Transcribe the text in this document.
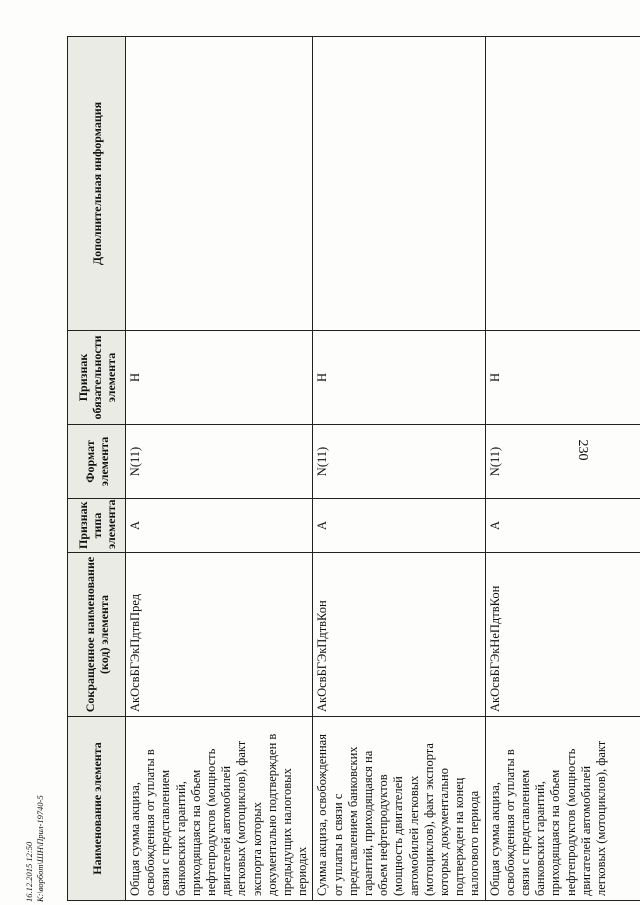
230
16.12.2015 12:50 К:\ворбот\ШН\Прил-19740-5	Наименование элемента	Сокращенное наименование (код) элемента	Признак типа элемента	Формат элемента	Признак обязательности элемента	Дополнительная информация

Общая сумма акциза, освобожденная от уплаты в связи с представлением банковских гарантий, приходящаяся на объем нефтепродуктов (мощность двигателей автомобилей легковых (мотоциклов), факт экспорта которых документально подтвержден в предыдущих налоговых периодах	АкОсвБГЭкПдтвПред	А	N(11)	Н	

Сумма акциза, освобожденная от уплаты в связи с представлением банковских гарантий, приходящаяся на объем нефтепродуктов (мощность двигателей автомобилей легковых (мотоциклов), факт экспорта которых документально подтвержден на конец налогового периода	АкОсвБГЭкПдтвКон	А	N(11)	Н	

Общая сумма акциза, освобожденная от уплаты в связи с представлением банковских гарантий, приходящаяся на объем нефтепродуктов (мощность двигателей автомобилей легковых (мотоциклов), факт	АкОсвБГЭкНеПдтвКон	А	N(11)	Н	
